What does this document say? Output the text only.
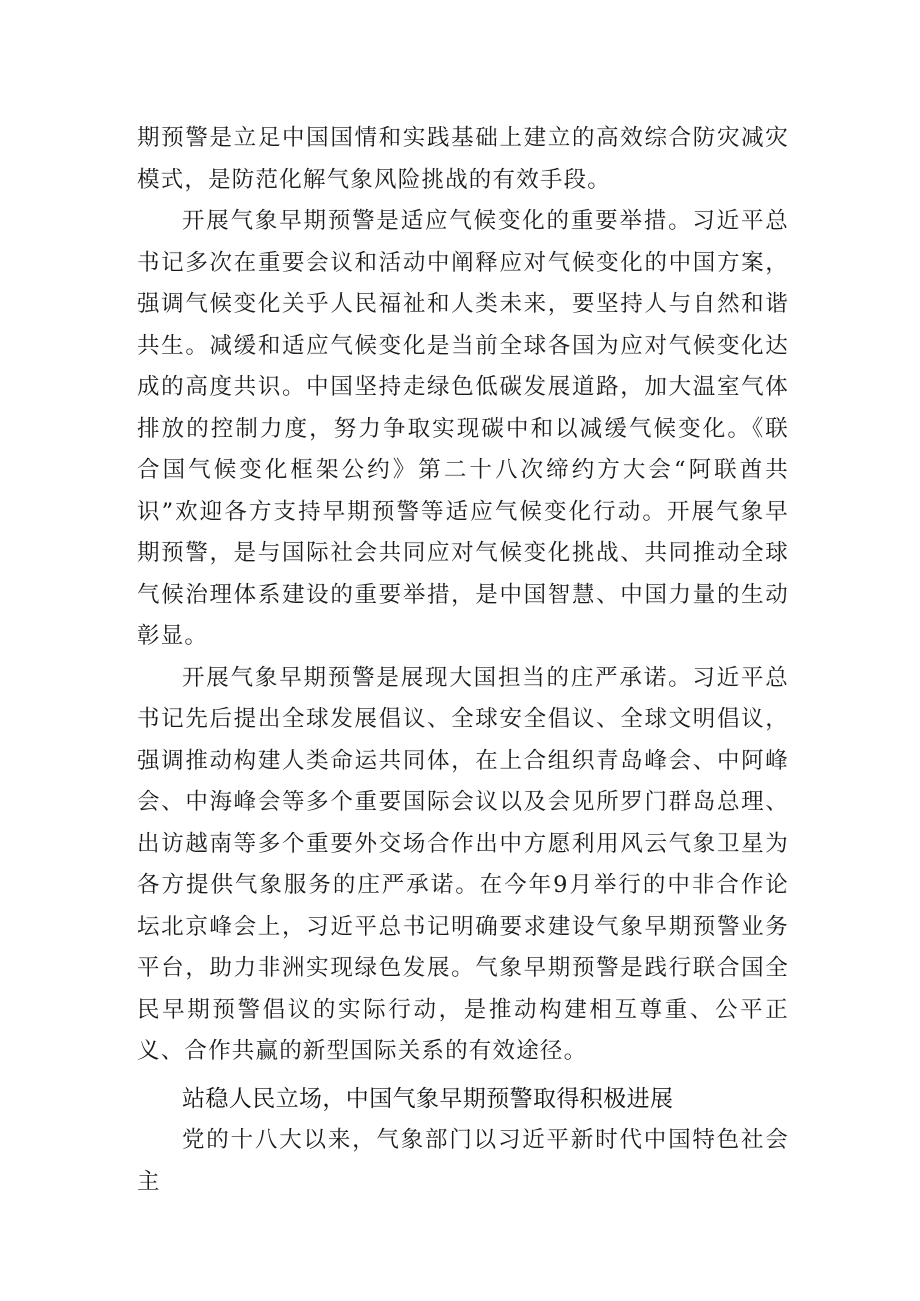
期预警是立足中国国情和实践基础上建立的高效综合防灾减灾模式，是防范化解气象风险挑战的有效手段。

开展气象早期预警是适应气候变化的重要举措。习近平总书记多次在重要会议和活动中阐释应对气候变化的中国方案，强调气候变化关乎人民福祉和人类未来，要坚持人与自然和谐共生。减缓和适应气候变化是当前全球各国为应对气候变化达成的高度共识。中国坚持走绿色低碳发展道路，加大温室气体排放的控制力度，努力争取实现碳中和以减缓气候变化。《联合国气候变化框架公约》第二十八次缔约方大会“阿联酋共识”欢迎各方支持早期预警等适应气候变化行动。开展气象早期预警，是与国际社会共同应对气候变化挑战、共同推动全球气候治理体系建设的重要举措，是中国智慧、中国力量的生动彰显。

开展气象早期预警是展现大国担当的庄严承诺。习近平总书记先后提出全球发展倡议、全球安全倡议、全球文明倡议，强调推动构建人类命运共同体，在上合组织青岛峰会、中阿峰会、中海峰会等多个重要国际会议以及会见所罗门群岛总理、出访越南等多个重要外交场合作出中方愿利用风云气象卫星为各方提供气象服务的庄严承诺。在今年9月举行的中非合作论坛北京峰会上，习近平总书记明确要求建设气象早期预警业务平台，助力非洲实现绿色发展。气象早期预警是践行联合国全民早期预警倡议的实际行动，是推动构建相互尊重、公平正义、合作共赢的新型国际关系的有效途径。

站稳人民立场，中国气象早期预警取得积极进展

党的十八大以来，气象部门以习近平新时代中国特色社会主
